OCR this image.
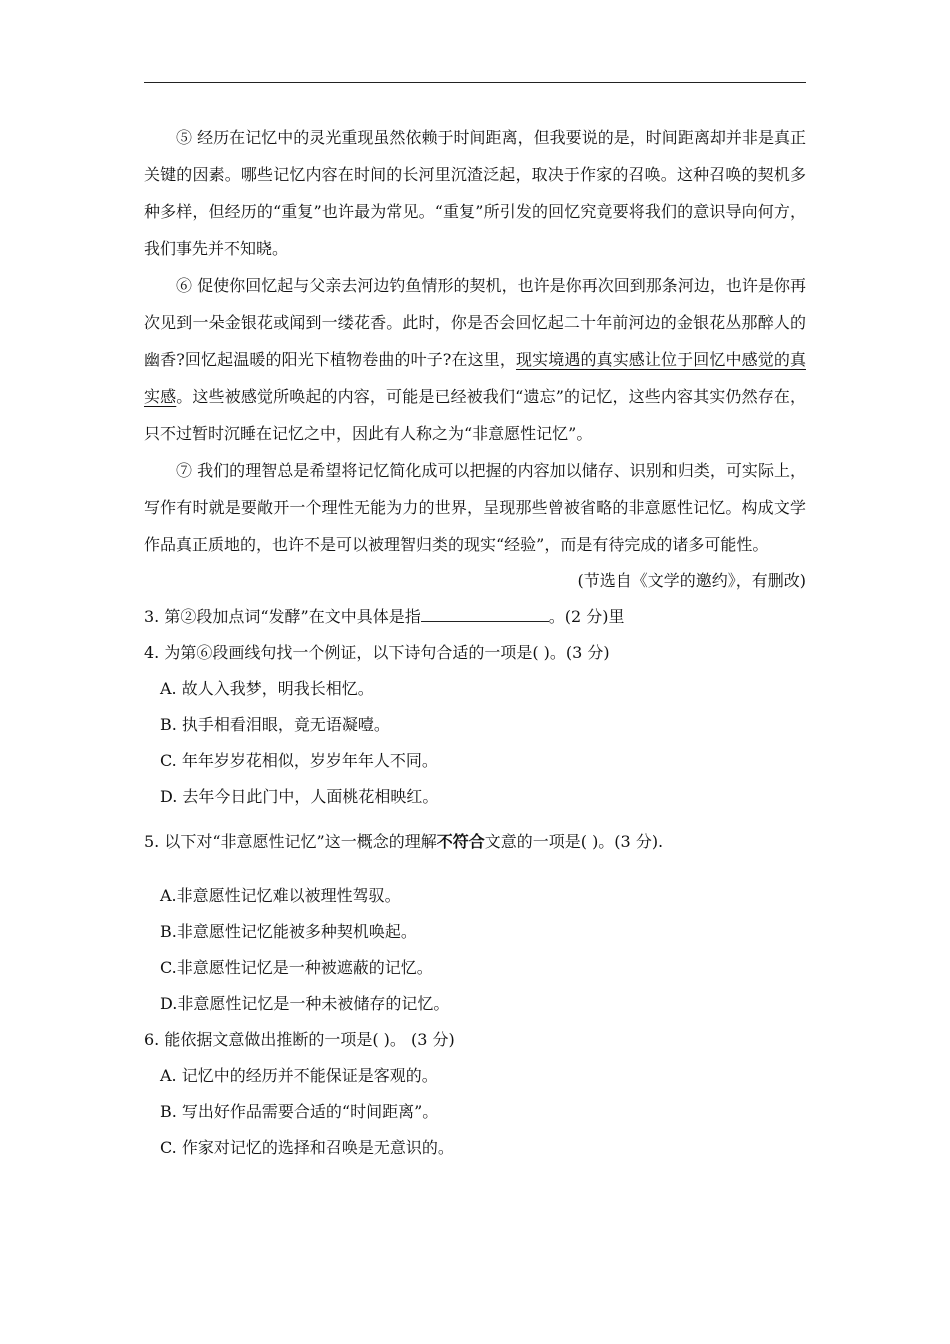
⑤ 经历在记忆中的灵光重现虽然依赖于时间距离，但我要说的是，时间距离却并非是真正关键的因素。哪些记忆内容在时间的长河里沉渣泛起，取决于作家的召唤。这种召唤的契机多种多样，但经历的“重复”也许最为常见。“重复”所引发的回忆究竟要将我们的意识导向何方，我们事先并不知晓。

⑥ 促使你回忆起与父亲去河边钓鱼情形的契机，也许是你再次回到那条河边，也许是你再次见到一朵金银花或闻到一缕花香。此时，你是否会回忆起二十年前河边的金银花丛那醉人的幽香?回忆起温暖的阳光下植物卷曲的叶子?在这里，现实境遇的真实感让位于回忆中感觉的真实感。这些被感觉所唤起的内容，可能是已经被我们“遗忘”的记忆，这些内容其实仍然存在，只不过暂时沉睡在记忆之中，因此有人称之为“非意愿性记忆”。

⑦ 我们的理智总是希望将记忆简化成可以把握的内容加以储存、识别和归类，可实际上，写作有时就是要敞开一个理性无能为力的世界，呈现那些曾被省略的非意愿性记忆。构成文学作品真正质地的，也许不是可以被理智归类的现实“经验”，而是有待完成的诸多可能性。

(节选自《文学的邀约》，有删改)

3. 第②段加点词“发酵”在文中具体是指	。(2 分)里

4. 为第⑥段画线句找一个例证，以下诗句合适的一项是( )。(3 分)

A. 故人入我梦，明我长相忆。

B. 执手相看泪眼，竟无语凝噎。

C. 年年岁岁花相似，岁岁年年人不同。

D. 去年今日此门中，人面桃花相映红。

5. 以下对“非意愿性记忆”这一概念的理解不符合文意的一项是( )。(3 分).

A.非意愿性记忆难以被理性驾驭。

B.非意愿性记忆能被多种契机唤起。

C.非意愿性记忆是一种被遮蔽的记忆。

D.非意愿性记忆是一种未被储存的记忆。

6. 能依据文意做出推断的一项是( )。 (3 分)

A. 记忆中的经历并不能保证是客观的。

B. 写出好作品需要合适的“时间距离”。

C. 作家对记忆的选择和召唤是无意识的。
